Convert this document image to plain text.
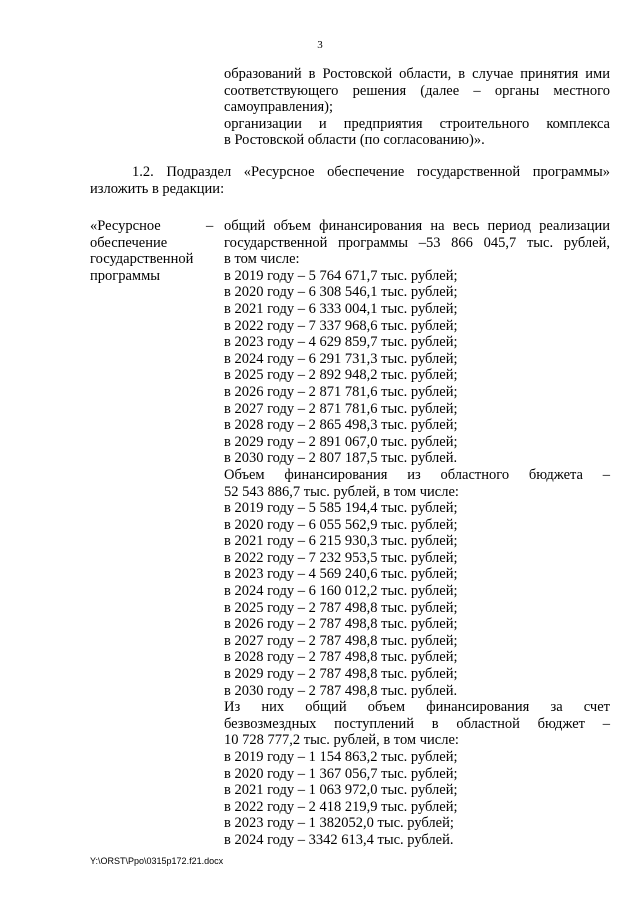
3
образований в Ростовской области, в случае принятия ими
соответствующего решения (далее – органы местного
самоуправления);
организации и предприятия строительного комплекса
в Ростовской области (по согласованию)».
1.2. Подраздел «Ресурсное обеспечение государственной программы»
изложить в редакции:
«Ресурсное
обеспечение
государственной
программы
– общий объем финансирования на весь период реализации
государственной программы –53 866 045,7 тыс. рублей,
в том числе:
в 2019 году – 5 764 671,7 тыс. рублей;
в 2020 году – 6 308 546,1 тыс. рублей;
в 2021 году – 6 333 004,1 тыс. рублей;
в 2022 году – 7 337 968,6 тыс. рублей;
в 2023 году – 4 629 859,7 тыс. рублей;
в 2024 году – 6 291 731,3 тыс. рублей;
в 2025 году – 2 892 948,2 тыс. рублей;
в 2026 году – 2 871 781,6 тыс. рублей;
в 2027 году – 2 871 781,6 тыс. рублей;
в 2028 году – 2 865 498,3 тыс. рублей;
в 2029 году – 2 891 067,0 тыс. рублей;
в 2030 году – 2 807 187,5 тыс. рублей.
Объем финансирования из областного бюджета –
52 543 886,7 тыс. рублей, в том числе:
в 2019 году – 5 585 194,4 тыс. рублей;
в 2020 году – 6 055 562,9 тыс. рублей;
в 2021 году – 6 215 930,3 тыс. рублей;
в 2022 году – 7 232 953,5 тыс. рублей;
в 2023 году – 4 569 240,6 тыс. рублей;
в 2024 году – 6 160 012,2 тыс. рублей;
в 2025 году – 2 787 498,8 тыс. рублей;
в 2026 году – 2 787 498,8 тыс. рублей;
в 2027 году – 2 787 498,8 тыс. рублей;
в 2028 году – 2 787 498,8 тыс. рублей;
в 2029 году – 2 787 498,8 тыс. рублей;
в 2030 году – 2 787 498,8 тыс. рублей.
Из них общий объем финансирования за счет
безвозмездных поступлений в областной бюджет –
10 728 777,2 тыс. рублей, в том числе:
в 2019 году – 1 154 863,2 тыс. рублей;
в 2020 году – 1 367 056,7 тыс. рублей;
в 2021 году – 1 063 972,0 тыс. рублей;
в 2022 году – 2 418 219,9 тыс. рублей;
в 2023 году – 1 382052,0 тыс. рублей;
в 2024 году – 3342 613,4 тыс. рублей.
Y:\ORST\Ppo\0315p172.f21.docx
